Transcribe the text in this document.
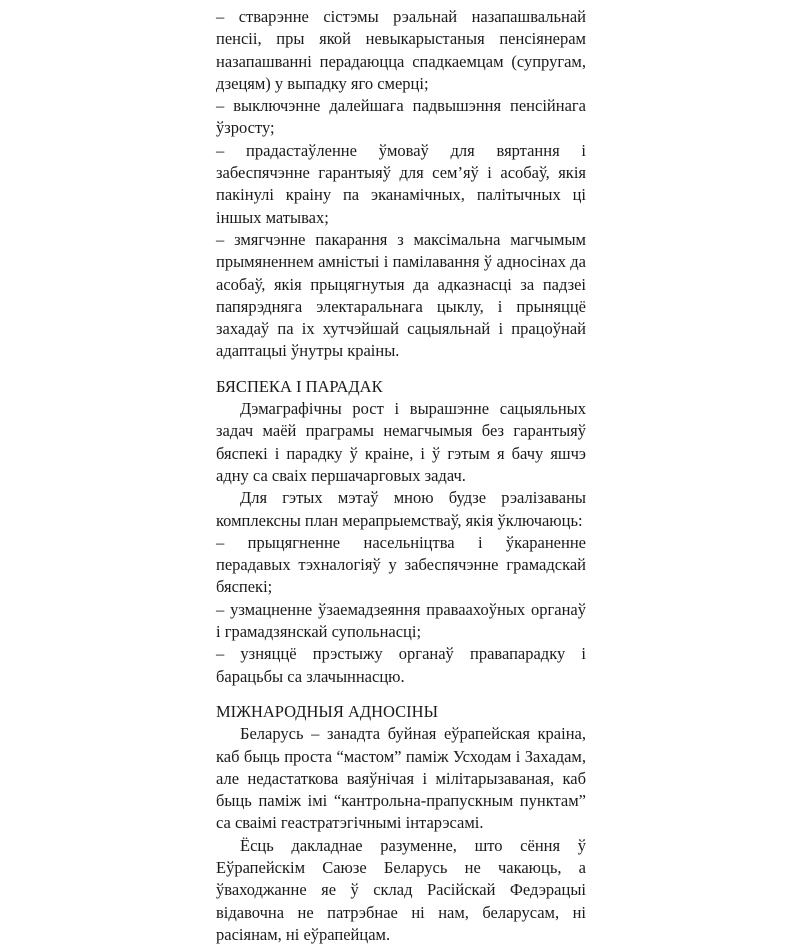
– стварэнне сістэмы рэальнай назапашвальнай пенсіі, пры якой невыкарыстаныя пенсіянерам назапашванні перадаюцца спадкаемцам (супругам, дзецям) у выпадку яго смерці;

– выключэнне далейшага падвышэння пенсійнага ўзросту;

– прадастаўленне ўмоваў для вяртання і забеспячэнне гарантыяў для сем’яў і асобаў, якія пакінулі краіну па эканамічных, палітычных ці іншых матывах;

– змягчэнне пакарання з максімальна магчымым прымяненнем амністыі і памілавання ў адносінах да асобаў, якія прыцягнутыя да адказнасці за падзеі папярэдняга электаральнага цыклу, і прыняццё захадаў па іх хутчэйшай сацыяльнай і працоўнай адаптацыі ўнутры краіны.

БЯСПЕКА І ПАРАДАК

Дэмаграфічны рост і вырашэнне сацыяльных задач маёй праграмы немагчымыя без гарантыяў бяспекі і парадку ў краіне, і ў гэтым я бачу яшчэ адну са сваіх першачарговых задач.

Для гэтых мэтаў мною будзе рэалізаваны комплексны план мерапрыемстваў, якія ўключаюць:

– прыцягненне насельніцтва і ўкараненне перадавых тэхналогіяў у забеспячэнне грамадскай бяспекі;

– узмацненне ўзаемадзеяння праваахоўных органаў і грамадзянскай супольнасці;

– узняццё прэстыжу органаў правапарадку і барацьбы са злачыннасцю.

МІЖНАРОДНЫЯ АДНОСІНЫ

Беларусь – занадта буйная еўрапейская краіна, каб быць проста “мастом” паміж Усходам і Захадам, але недастаткова ваяўнічая і мілітарызаваная, каб быць паміж імі “кантрольна-прапускным пунктам” са сваімі геастратэгічнымі інтарэсамі.

Ёсць дакладнае разуменне, што сёння ў Еўрапейскім Саюзе Беларусь не чакаюць, а ўваходжанне яе ў склад Расійскай Федэрацыі відавочна не патрэбнае ні нам, беларусам, ні расіянам, ні еўрапейцам.
